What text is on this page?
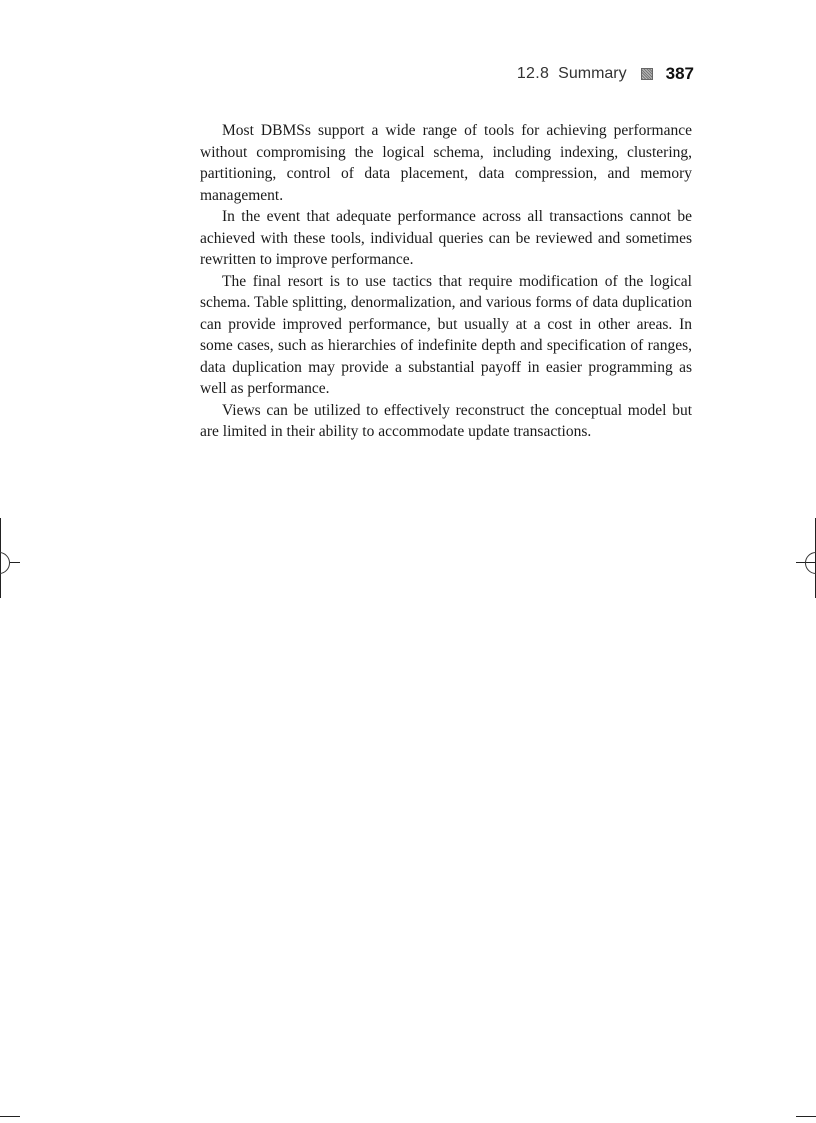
12.8 Summary 387

Most DBMSs support a wide range of tools for achieving performance without compromising the logical schema, including indexing, clustering, partitioning, control of data placement, data compression, and memory management.

In the event that adequate performance across all transactions cannot be achieved with these tools, individual queries can be reviewed and sometimes rewritten to improve performance.

The final resort is to use tactics that require modification of the logical schema. Table splitting, denormalization, and various forms of data duplication can provide improved performance, but usually at a cost in other areas. In some cases, such as hierarchies of indefinite depth and specification of ranges, data duplication may provide a substantial payoff in easier programming as well as performance.

Views can be utilized to effectively reconstruct the conceptual model but are limited in their ability to accommodate update transactions.
